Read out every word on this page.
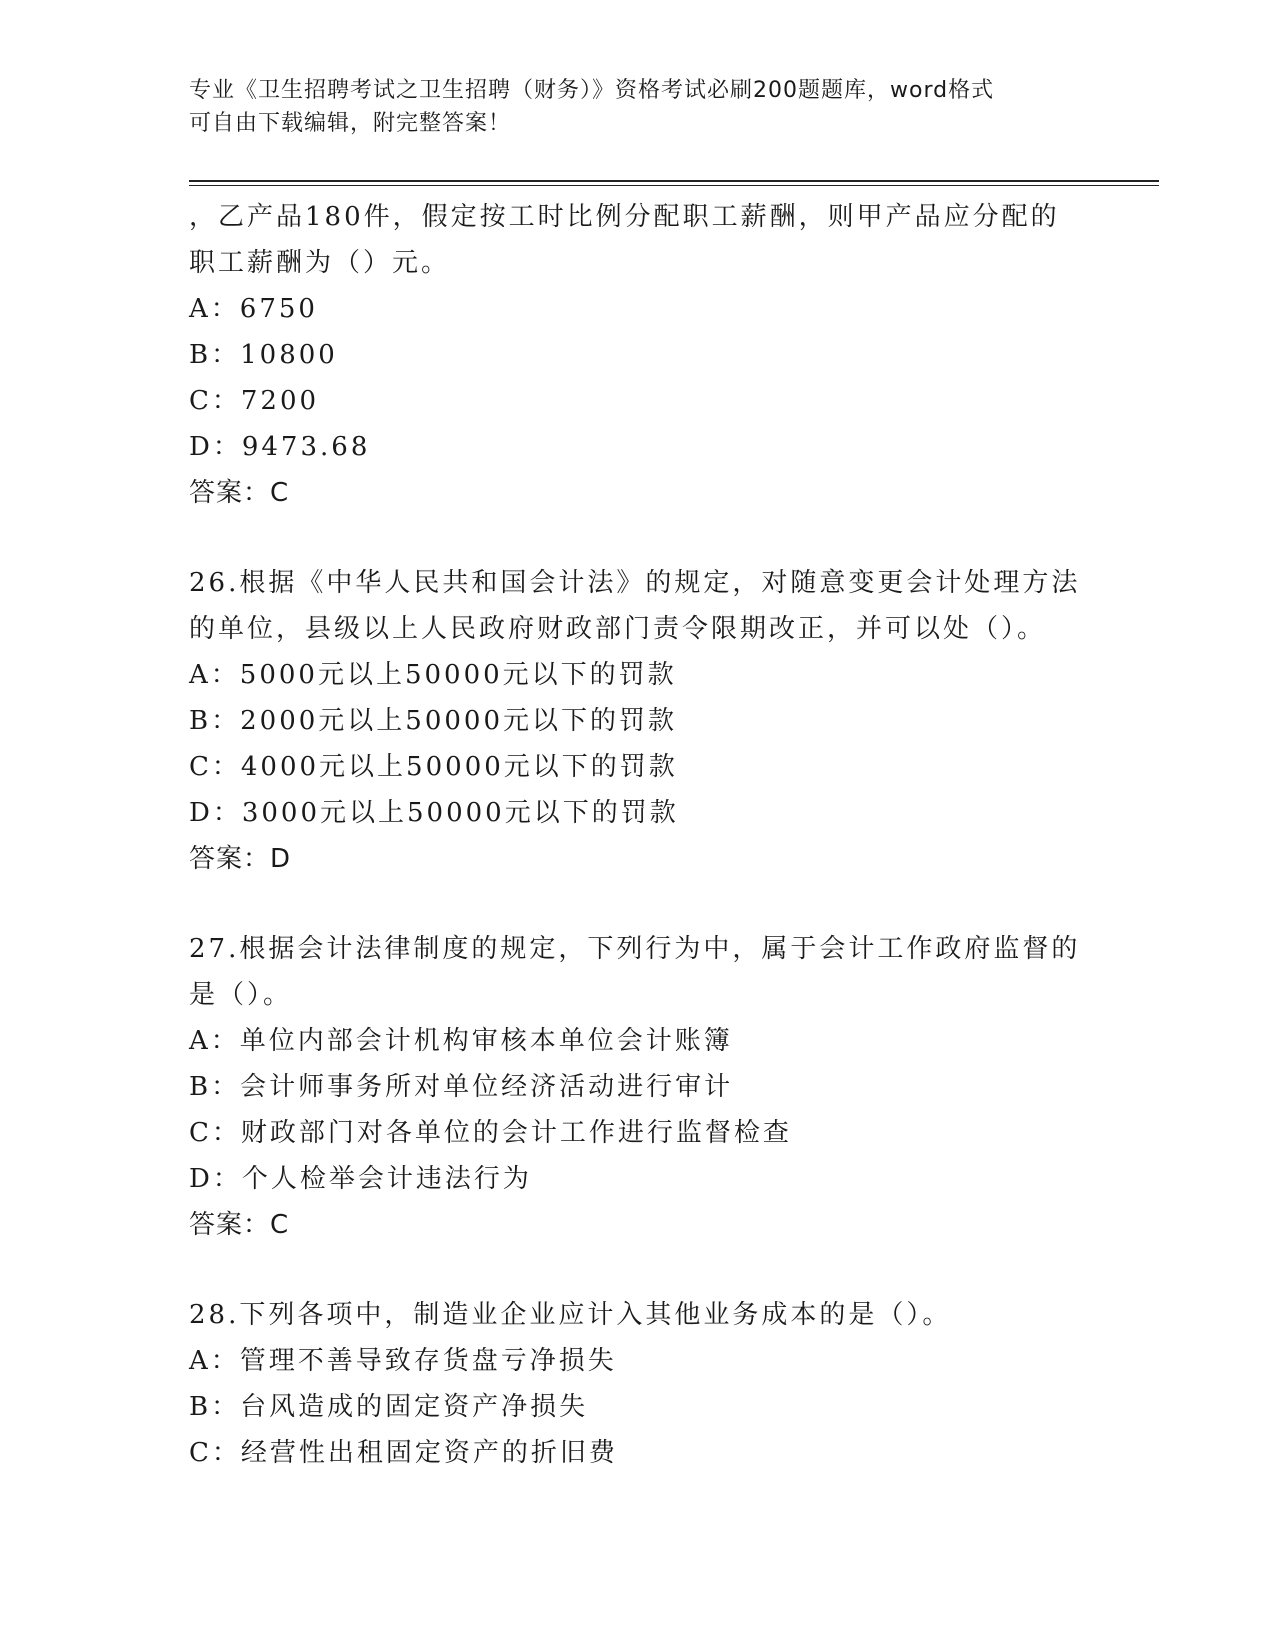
专业《卫生招聘考试之卫生招聘（财务）》资格考试必刷200题题库，word格式
可自由下载编辑，附完整答案！
，乙产品180件，假定按工时比例分配职工薪酬，则甲产品应分配的
职工薪酬为（）元。
A：6750
B：10800
C：7200
D：9473.68
答案：C
26.根据《中华人民共和国会计法》的规定，对随意变更会计处理方法
的单位，县级以上人民政府财政部门责令限期改正，并可以处（）。
A：5000元以上50000元以下的罚款
B：2000元以上50000元以下的罚款
C：4000元以上50000元以下的罚款
D：3000元以上50000元以下的罚款
答案：D
27.根据会计法律制度的规定，下列行为中，属于会计工作政府监督的
是（）。
A：单位内部会计机构审核本单位会计账簿
B：会计师事务所对单位经济活动进行审计
C：财政部门对各单位的会计工作进行监督检查
D：个人检举会计违法行为
答案：C
28.下列各项中，制造业企业应计入其他业务成本的是（）。
A：管理不善导致存货盘亏净损失
B：台风造成的固定资产净损失
C：经营性出租固定资产的折旧费
